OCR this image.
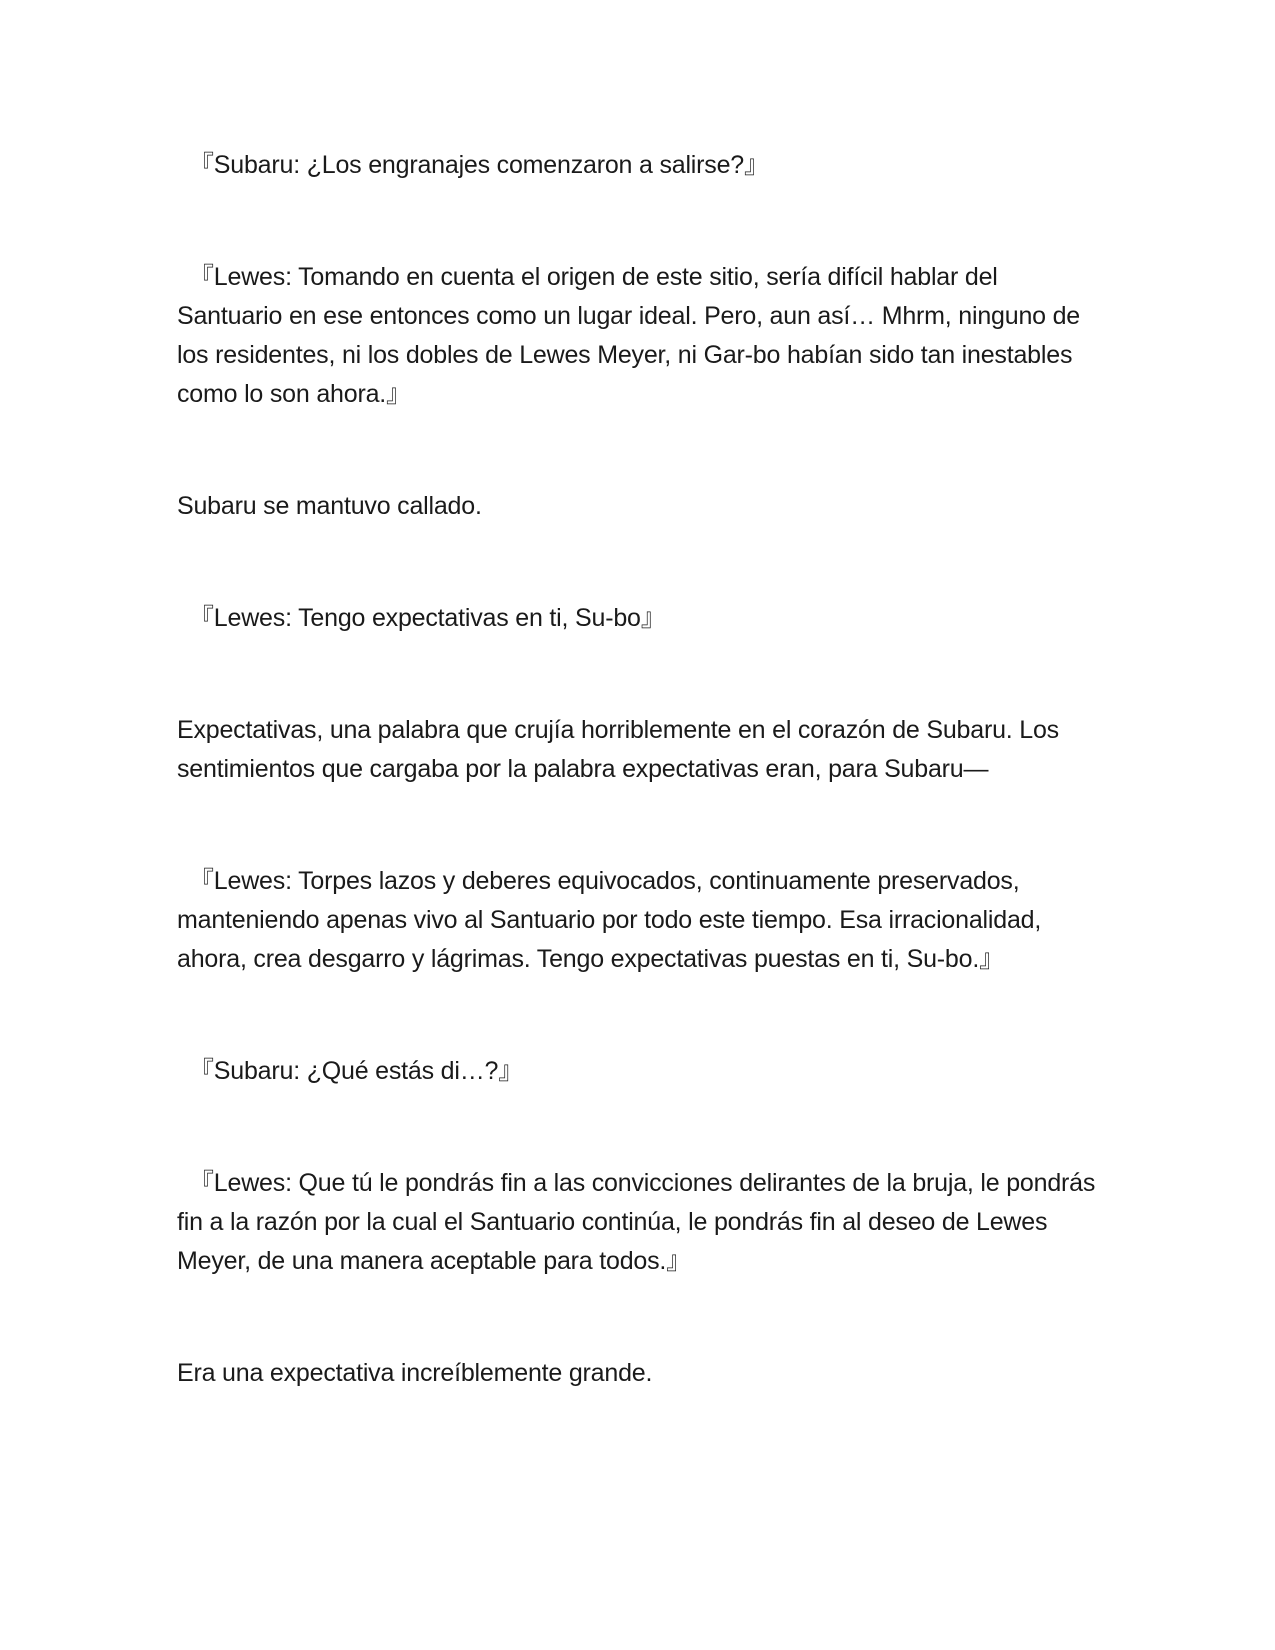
『Subaru: ¿Los engranajes comenzaron a salirse?』

『Lewes: Tomando en cuenta el origen de este sitio, sería difícil hablar del Santuario en ese entonces como un lugar ideal. Pero, aun así… Mhrm, ninguno de los residentes, ni los dobles de Lewes Meyer, ni Gar-bo habían sido tan inestables como lo son ahora.』

Subaru se mantuvo callado.

『Lewes: Tengo expectativas en ti, Su-bo』

Expectativas, una palabra que crujía horriblemente en el corazón de Subaru. Los sentimientos que cargaba por la palabra expectativas eran, para Subaru—

『Lewes: Torpes lazos y deberes equivocados, continuamente preservados, manteniendo apenas vivo al Santuario por todo este tiempo. Esa irracionalidad, ahora, crea desgarro y lágrimas. Tengo expectativas puestas en ti, Su-bo.』

『Subaru: ¿Qué estás di…?』

『Lewes: Que tú le pondrás fin a las convicciones delirantes de la bruja, le pondrás fin a la razón por la cual el Santuario continúa, le pondrás fin al deseo de Lewes Meyer, de una manera aceptable para todos.』

Era una expectativa increíblemente grande.
